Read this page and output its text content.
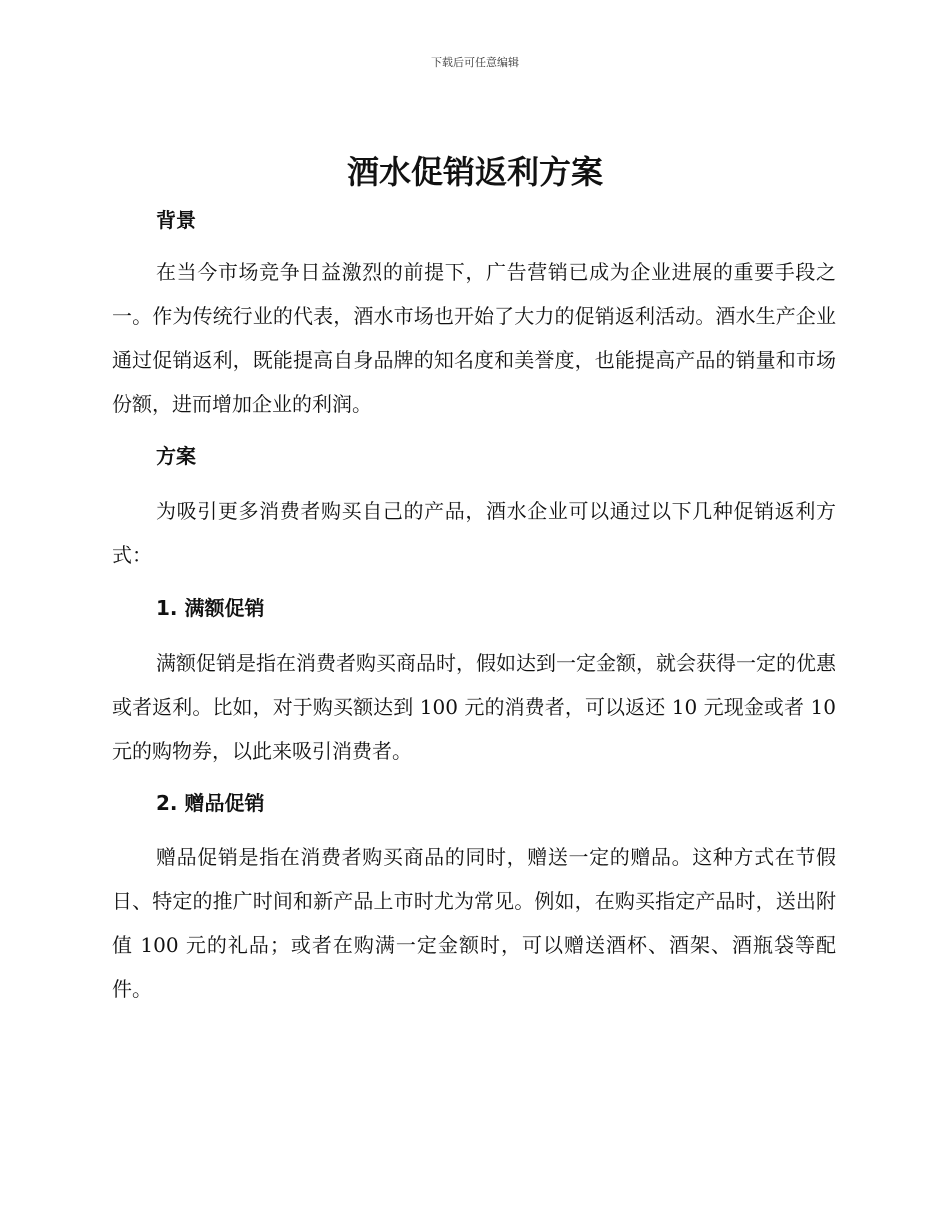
下载后可任意编辑
酒水促销返利方案
背景

在当今市场竞争日益激烈的前提下，广告营销已成为企业进展的重要手段之一。作为传统行业的代表，酒水市场也开始了大力的促销返利活动。酒水生产企业通过促销返利，既能提高自身品牌的知名度和美誉度，也能提高产品的销量和市场份额，进而增加企业的利润。

方案

为吸引更多消费者购买自己的产品，酒水企业可以通过以下几种促销返利方式：

1. 满额促销

满额促销是指在消费者购买商品时，假如达到一定金额，就会获得一定的优惠或者返利。比如，对于购买额达到 100 元的消费者，可以返还 10 元现金或者 10 元的购物券，以此来吸引消费者。

2. 赠品促销

赠品促销是指在消费者购买商品的同时，赠送一定的赠品。这种方式在节假日、特定的推广时间和新产品上市时尤为常见。例如，在购买指定产品时，送出附值 100 元的礼品；或者在购满一定金额时，可以赠送酒杯、酒架、酒瓶袋等配件。
